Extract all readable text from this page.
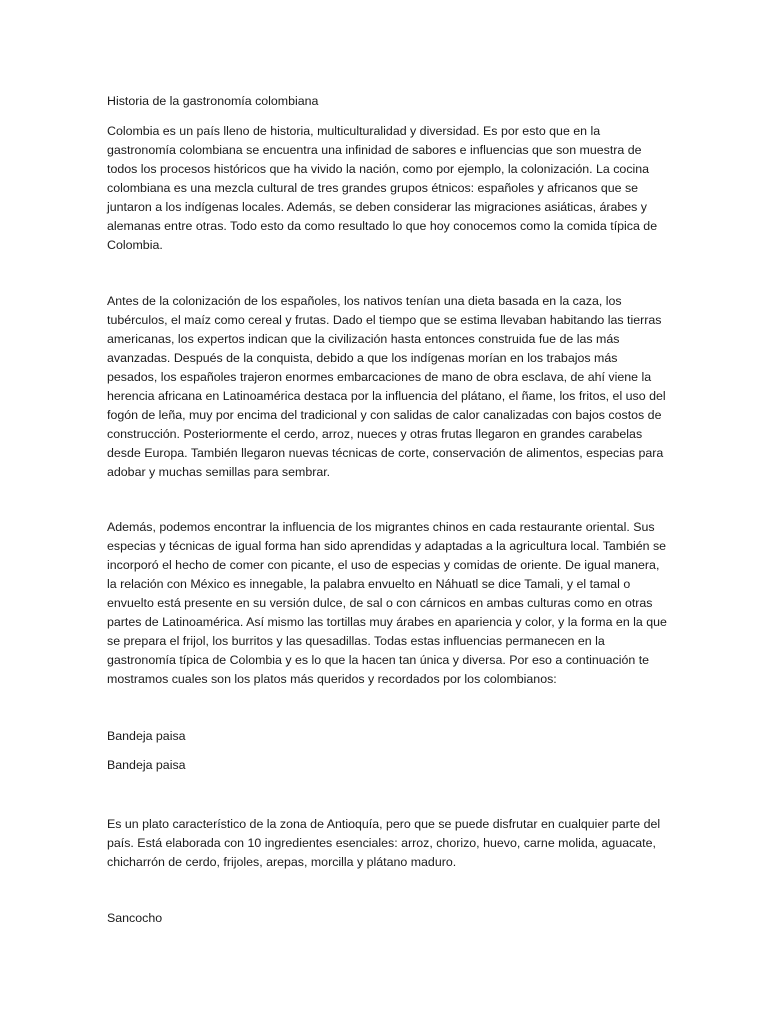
Historia de la gastronomía colombiana

Colombia es un país lleno de historia, multiculturalidad y diversidad. Es por esto que en la gastronomía colombiana se encuentra una infinidad de sabores e influencias que son muestra de todos los procesos históricos que ha vivido la nación, como por ejemplo, la colonización. La cocina colombiana es una mezcla cultural de tres grandes grupos étnicos: españoles y africanos que se juntaron a los indígenas locales. Además, se deben considerar las migraciones asiáticas, árabes y alemanas entre otras. Todo esto da como resultado lo que hoy conocemos como la comida típica de Colombia.

Antes de la colonización de los españoles, los nativos tenían una dieta basada en la caza, los tubérculos, el maíz como cereal y frutas. Dado el tiempo que se estima llevaban habitando las tierras americanas, los expertos indican que la civilización hasta entonces construida fue de las más avanzadas. Después de la conquista, debido a que los indígenas morían en los trabajos más pesados, los españoles trajeron enormes embarcaciones de mano de obra esclava, de ahí viene la herencia africana en Latinoamérica destaca por la influencia del plátano, el ñame, los fritos, el uso del fogón de leña, muy por encima del tradicional y con salidas de calor canalizadas con bajos costos de construcción. Posteriormente el cerdo, arroz, nueces y otras frutas llegaron en grandes carabelas desde Europa. También llegaron nuevas técnicas de corte, conservación de alimentos, especias para adobar y muchas semillas para sembrar.

Además, podemos encontrar la influencia de los migrantes chinos en cada restaurante oriental. Sus especias y técnicas de igual forma han sido aprendidas y adaptadas a la agricultura local. También se incorporó el hecho de comer con picante, el uso de especias y comidas de oriente. De igual manera, la relación con México es innegable, la palabra envuelto en Náhuatl se dice Tamali, y el tamal o envuelto está presente en su versión dulce, de sal o con cárnicos en ambas culturas como en otras partes de Latinoamérica. Así mismo las tortillas muy árabes en apariencia y color, y la forma en la que se prepara el frijol, los burritos y las quesadillas. Todas estas influencias permanecen en la gastronomía típica de Colombia y es lo que la hacen tan única y diversa. Por eso a continuación te mostramos cuales son los platos más queridos y recordados por los colombianos:

Bandeja paisa

Bandeja paisa

Es un plato característico de la zona de Antioquía, pero que se puede disfrutar en cualquier parte del país. Está elaborada con 10 ingredientes esenciales: arroz, chorizo, huevo, carne molida, aguacate, chicharrón de cerdo, frijoles, arepas, morcilla y plátano maduro.

Sancocho
